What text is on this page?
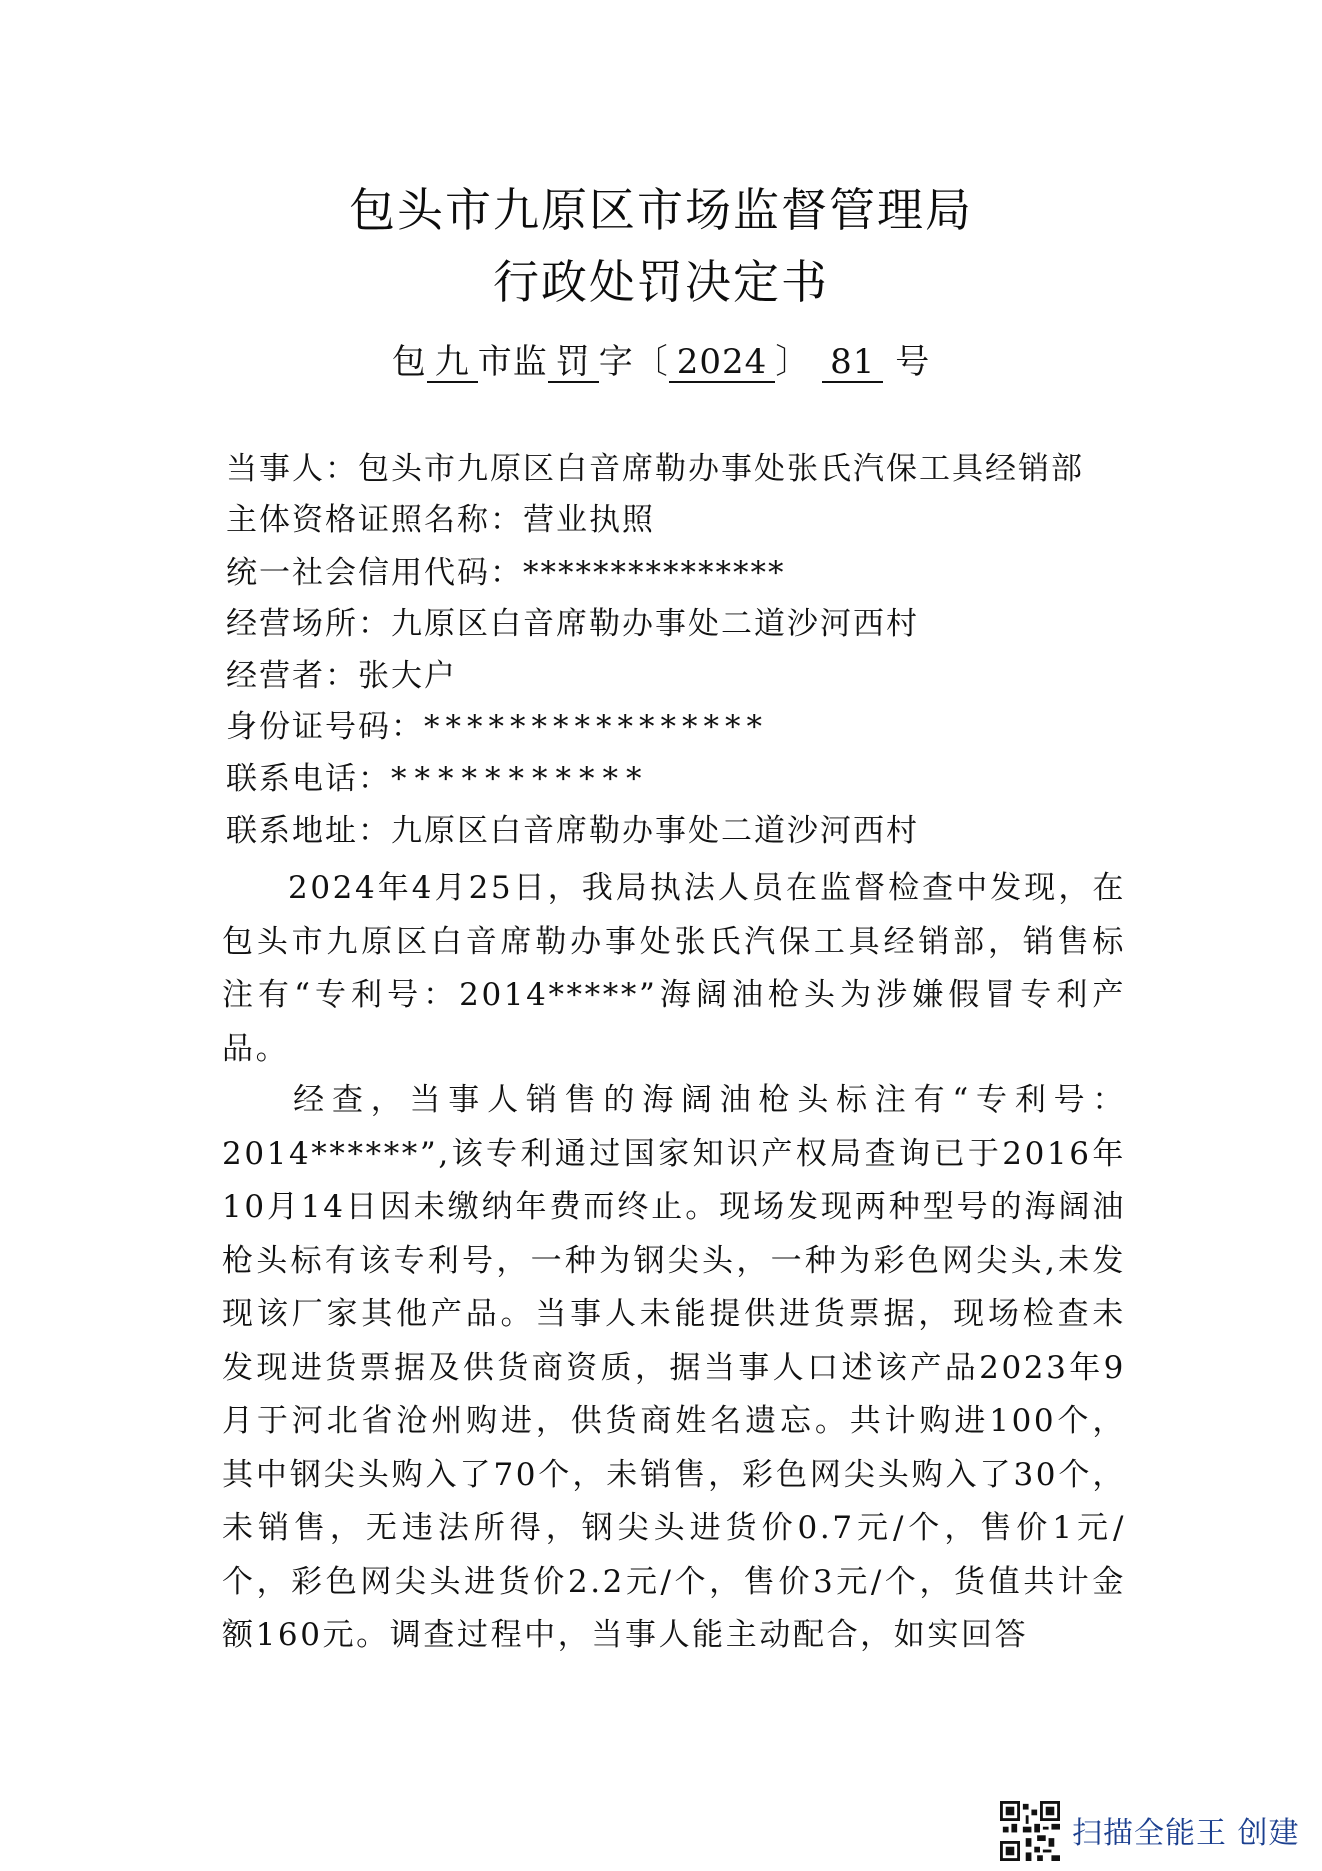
包头市九原区市场监督管理局
行政处罚决定书
包 九 市监 罚 字〔 2024 〕 81 号
当事人：包头市九原区白音席勒办事处张氏汽保工具经销部
主体资格证照名称：营业执照
统一社会信用代码：***************
经营场所：九原区白音席勒办事处二道沙河西村
经营者：张大户
身份证号码：****************
联系电话：***********
联系地址：九原区白音席勒办事处二道沙河西村
2024年4月25日，我局执法人员在监督检查中发现，在包头市九原区白音席勒办事处张氏汽保工具经销部，销售标注有“专利号：2014*****”海阔油枪头为涉嫌假冒专利产品。
经查，当事人销售的海阔油枪头标注有“专利号：2014******”,该专利通过国家知识产权局查询已于2016年10月14日因未缴纳年费而终止。现场发现两种型号的海阔油枪头标有该专利号，一种为钢尖头，一种为彩色网尖头,未发现该厂家其他产品。当事人未能提供进货票据，现场检查未发现进货票据及供货商资质，据当事人口述该产品2023年9月于河北省沧州购进，供货商姓名遗忘。共计购进100个，其中钢尖头购入了70个，未销售，彩色网尖头购入了30个，未销售，无违法所得，钢尖头进货价0.7元/个，售价1元/个，彩色网尖头进货价2.2元/个，售价3元/个，货值共计金额160元。调查过程中，当事人能主动配合，如实回答
扫描全能王 创建
